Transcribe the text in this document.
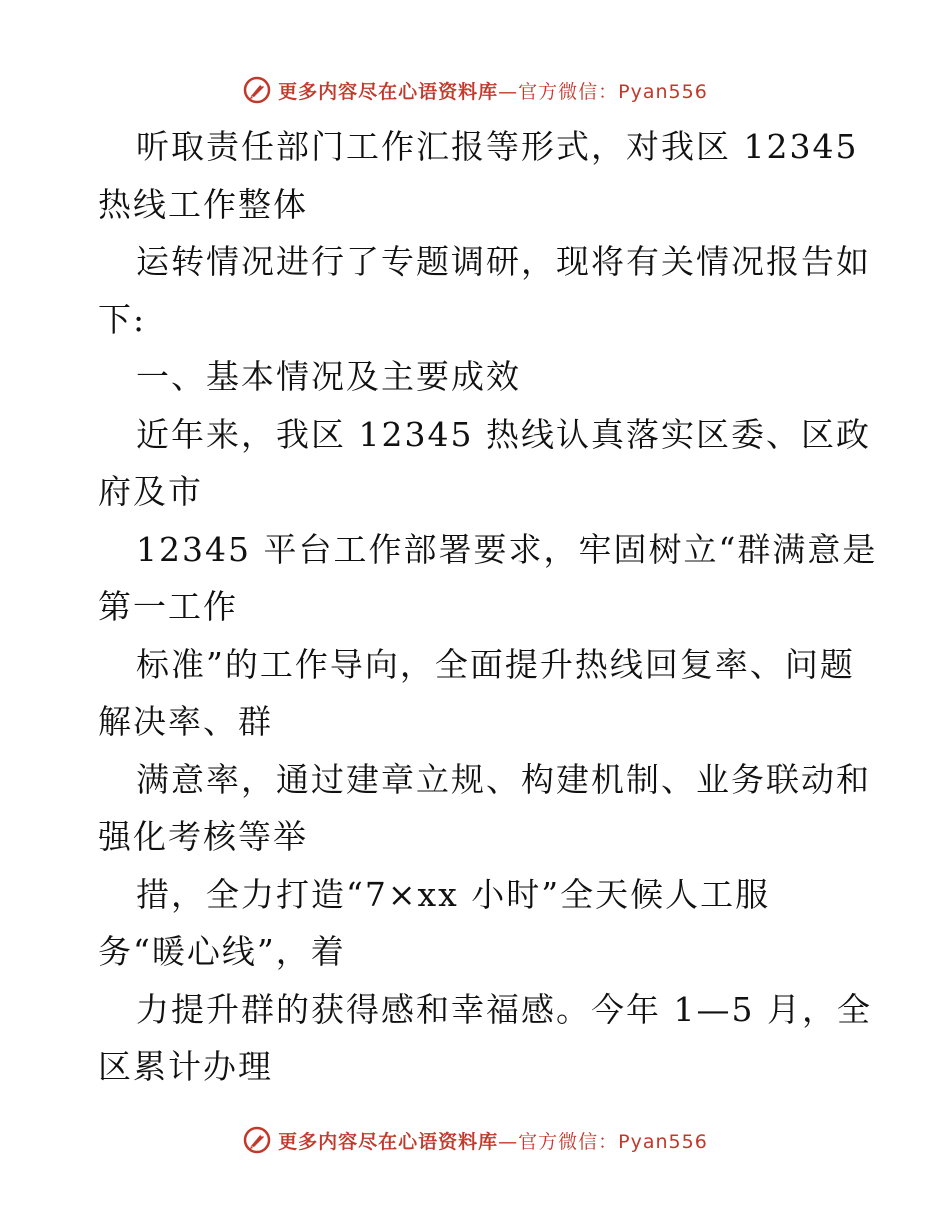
更多内容尽在心语资料库—官方微信：Pyan556
听取责任部门工作汇报等形式，对我区 12345
热线工作整体
运转情况进行了专题调研，现将有关情况报告如
下:
一、基本情况及主要成效
近年来，我区 12345 热线认真落实区委、区政
府及市
12345 平台工作部署要求，牢固树立“群满意是
第一工作
标准”的工作导向，全面提升热线回复率、问题
解决率、群
满意率，通过建章立规、构建机制、业务联动和
强化考核等举
措，全力打造“7×xx 小时”全天候人工服
务“暖心线”，着
力提升群的获得感和幸福感。今年 1—5 月，全
区累计办理
更多内容尽在心语资料库—官方微信：Pyan556
